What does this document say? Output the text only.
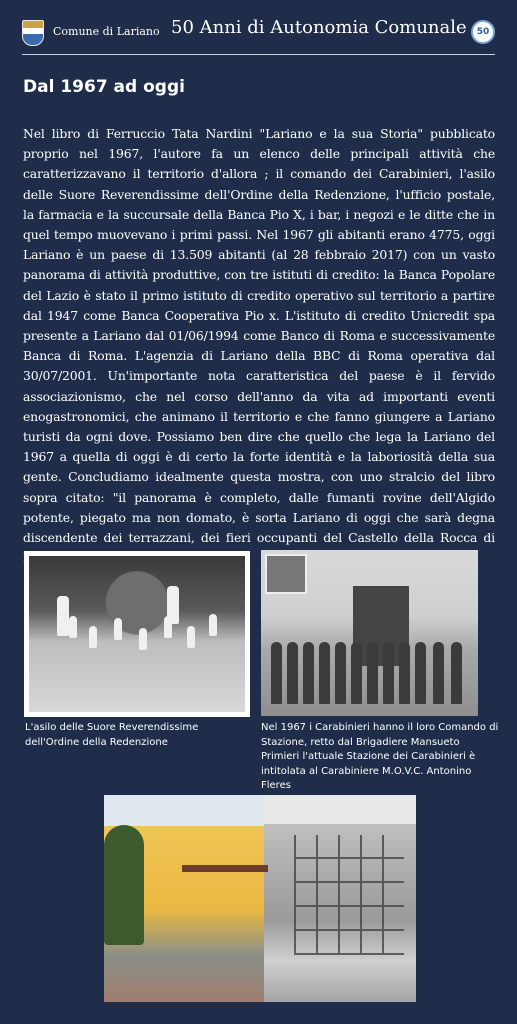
Comune di Lariano 50 Anni di Autonomia Comunale 50
Dal 1967 ad oggi

Nel libro di Ferruccio Tata Nardini "Lariano e la sua Storia" pubblicato proprio nel 1967, l'autore fa un elenco delle principali attività che caratterizzavano il territorio d'allora ; il comando dei Carabinieri, l'asilo delle Suore Reverendissime dell'Ordine della Redenzione, l'ufficio postale, la farmacia e la succursale della Banca Pio X, i bar, i negozi e le ditte che in quel tempo muovevano i primi passi. Nel 1967 gli abitanti erano 4775, oggi Lariano è un paese di 13.509 abitanti (al 28 febbraio 2017) con un vasto panorama di attività produttive, con tre istituti di credito: la Banca Popolare del Lazio è stato il primo istituto di credito operativo sul territorio a partire dal 1947 come Banca Cooperativa Pio x. L'istituto di credito Unicredit spa presente a Lariano dal 01/06/1994 come Banco di Roma e successivamente Banca di Roma. L'agenzia di Lariano della BBC di Roma operativa dal 30/07/2001. Un'importante nota caratteristica del paese è il fervido associazionismo, che nel corso dell'anno da vita ad importanti eventi enogastronomici, che animano il territorio e che fanno giungere a Lariano turisti da ogni dove. Possiamo ben dire che quello che lega la Lariano del 1967 a quella di oggi è di certo la forte identità e la laboriosità della sua gente. Concludiamo idealmente questa mostra, con uno stralcio del libro sopra citato: "il panorama è completo, dalle fumanti rovine dell'Algido potente, piegato ma non domato, è sorta Lariano di oggi che sarà degna discendente dei terrazzani, dei fieri occupanti del Castello della Rocca di

L'asilo delle Suore Reverendissime dell'Ordine della Redenzione

Nel 1967 i Carabinieri hanno il loro Comando di Stazione, retto dal Brigadiere Mansueto Primieri l'attuale Stazione dei Carabinieri è intitolata al Carabiniere M.O.V.C. Antonino Fleres
